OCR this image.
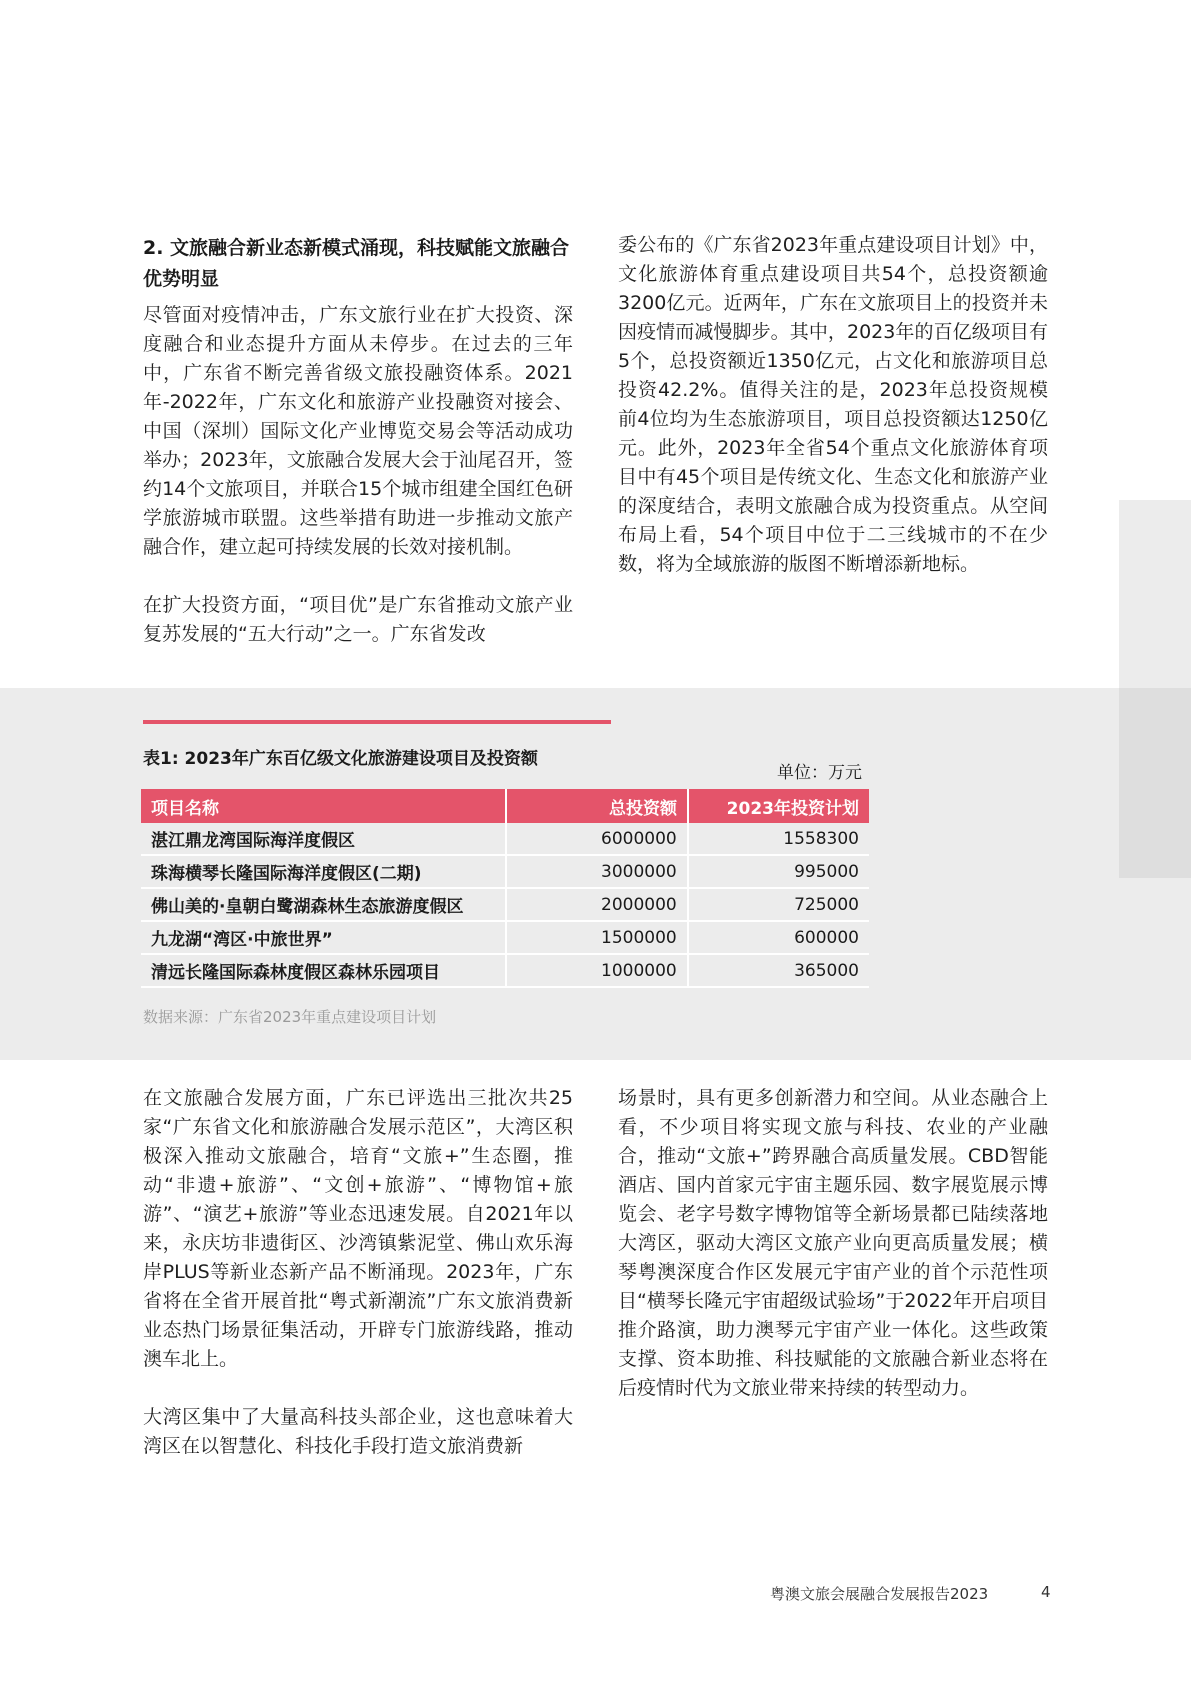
2. 文旅融合新业态新模式涌现，科技赋能文旅融合优势明显

尽管面对疫情冲击，广东文旅行业在扩大投资、深度融合和业态提升方面从未停步。在过去的三年中，广东省不断完善省级文旅投融资体系。2021年-2022年，广东文化和旅游产业投融资对接会、中国（深圳）国际文化产业博览交易会等活动成功举办；2023年，文旅融合发展大会于汕尾召开，签约14个文旅项目，并联合15个城市组建全国红色研学旅游城市联盟。这些举措有助进一步推动文旅产融合作，建立起可持续发展的长效对接机制。

在扩大投资方面，“项目优”是广东省推动文旅产业复苏发展的“五大行动”之一。广东省发改

委公布的《广东省2023年重点建设项目计划》中，文化旅游体育重点建设项目共54个，总投资额逾3200亿元。近两年，广东在文旅项目上的投资并未因疫情而减慢脚步。其中，2023年的百亿级项目有5个，总投资额近1350亿元，占文化和旅游项目总投资42.2%。值得关注的是，2023年总投资规模前4位均为生态旅游项目，项目总投资额达1250亿元。此外，2023年全省54个重点文化旅游体育项目中有45个项目是传统文化、生态文化和旅游产业的深度结合，表明文旅融合成为投资重点。从空间布局上看，54个项目中位于二三线城市的不在少数，将为全域旅游的版图不断增添新地标。

表1: 2023年广东百亿级文化旅游建设项目及投资额
单位：万元
项目名称	总投资额	2023年投资计划
湛江鼎龙湾国际海洋度假区	6000000	1558300
珠海横琴长隆国际海洋度假区(二期)	3000000	995000
佛山美的·皇朝白鹭湖森林生态旅游度假区	2000000	725000
九龙湖“湾区·中旅世界”	1500000	600000
清远长隆国际森林度假区森林乐园项目	1000000	365000
数据来源：广东省2023年重点建设项目计划

在文旅融合发展方面，广东已评选出三批次共25家“广东省文化和旅游融合发展示范区”，大湾区积极深入推动文旅融合，培育“文旅+”生态圈，推动“非遗+旅游”、“文创+旅游”、“博物馆+旅游”、“演艺+旅游”等业态迅速发展。自2021年以来，永庆坊非遗街区、沙湾镇紫泥堂、佛山欢乐海岸PLUS等新业态新产品不断涌现。2023年，广东省将在全省开展首批“粤式新潮流”广东文旅消费新业态热门场景征集活动，开辟专门旅游线路，推动澳车北上。

大湾区集中了大量高科技头部企业，这也意味着大湾区在以智慧化、科技化手段打造文旅消费新

场景时，具有更多创新潜力和空间。从业态融合上看，不少项目将实现文旅与科技、农业的产业融合，推动“文旅+”跨界融合高质量发展。CBD智能酒店、国内首家元宇宙主题乐园、数字展览展示博览会、老字号数字博物馆等全新场景都已陆续落地大湾区，驱动大湾区文旅产业向更高质量发展；横琴粤澳深度合作区发展元宇宙产业的首个示范性项目“横琴长隆元宇宙超级试验场”于2022年开启项目推介路演，助力澳琴元宇宙产业一体化。这些政策支撑、资本助推、科技赋能的文旅融合新业态将在后疫情时代为文旅业带来持续的转型动力。

粤澳文旅会展融合发展报告2023	4
